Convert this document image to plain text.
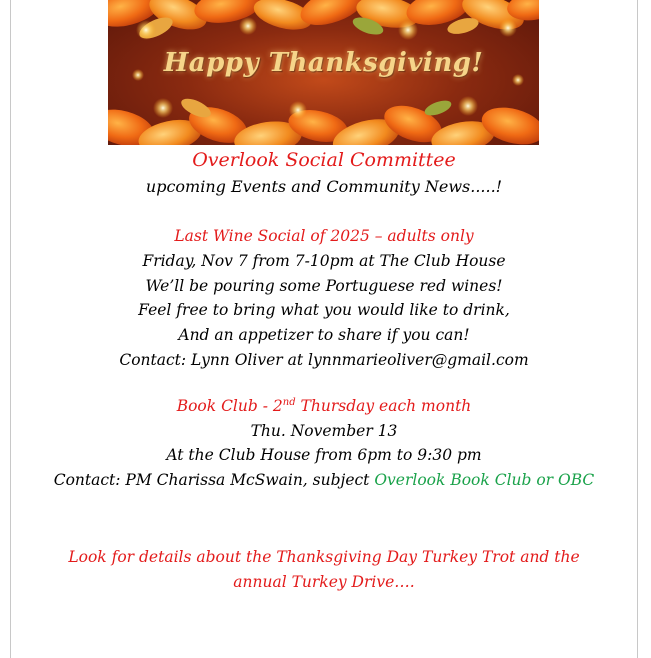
Happy Thanksgiving!

Overlook Social Committee

upcoming Events and Community News.....!

Last Wine Social of 2025 – adults only

Friday, Nov 7 from 7-10pm at The Club House

We’ll be pouring some Portuguese red wines!

Feel free to bring what you would like to drink,

And an appetizer to share if you can!

Contact: Lynn Oliver at lynnmarieoliver@gmail.com

Book Club - 2nd Thursday each month

Thu. November 13

At the Club House from 6pm to 9:30 pm

Contact: PM Charissa McSwain, subject Overlook Book Club or OBC

Look for details about the Thanksgiving Day Turkey Trot and the

annual Turkey Drive….
